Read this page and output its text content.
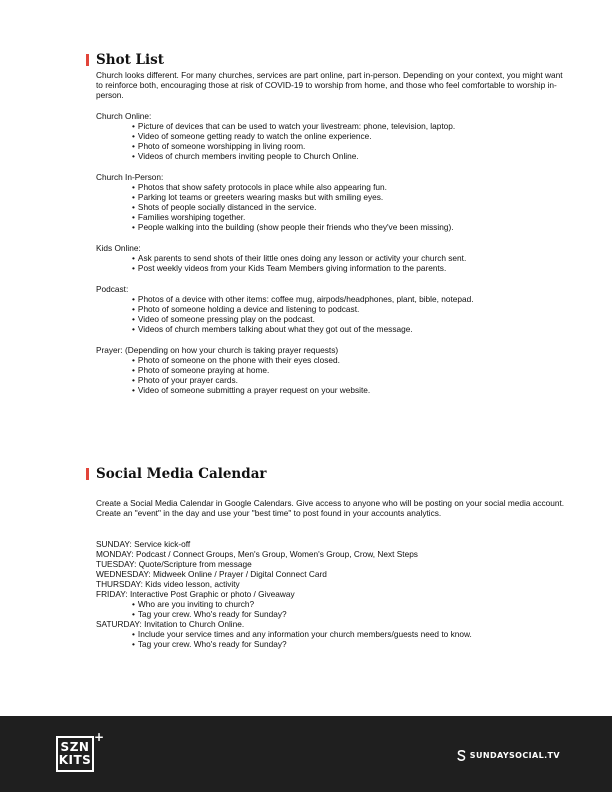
Shot List

Church looks different. For many churches, services are part online, part in-person. Depending on your context, you might want to reinforce both, encouraging those at risk of COVID-19 to worship from home, and those who feel comfortable to worship in-person.

Church Online:

• Picture of devices that can be used to watch your livestream: phone, television, laptop.
• Video of someone getting ready to watch the online experience.
• Photo of someone worshipping in living room.
• Videos of church members inviting people to Church Online.

Church In-Person:

• Photos that show safety protocols in place while also appearing fun.
• Parking lot teams or greeters wearing masks but with smiling eyes.
• Shots of people socially distanced in the service.
• Families worshiping together.
• People walking into the building (show people their friends who they've been missing).

Kids Online:

• Ask parents to send shots of their little ones doing any lesson or activity your church sent.
• Post weekly videos from your Kids Team Members giving information to the parents.

Podcast:

• Photos of a device with other items: coffee mug, airpods/headphones, plant, bible, notepad.
• Photo of someone holding a device and listening to podcast.
• Video of someone pressing play on the podcast.
• Videos of church members talking about what they got out of the message.

Prayer: (Depending on how your church is taking prayer requests)

• Photo of someone on the phone with their eyes closed.
• Photo of someone praying at home.
• Photo of your prayer cards.
• Video of someone submitting a prayer request on your website.
Social Media Calendar

Create a Social Media Calendar in Google Calendars. Give access to anyone who will be posting on your social media account. Create an "event" in the day and use your "best time" to post found in your accounts analytics.

SUNDAY: Service kick-off
MONDAY: Podcast / Connect Groups, Men's Group, Women's Group, Crow, Next Steps
TUESDAY: Quote/Scripture from message
WEDNESDAY: Midweek Online / Prayer / Digital Connect Card
THURSDAY: Kids video lesson, activity
FRIDAY: Interactive Post Graphic or photo / Giveaway
• Who are you inviting to church?
• Tag your crew. Who's ready for Sunday?
SATURDAY: Invitation to Church Online.
• Include your service times and any information your church members/guests need to know.
• Tag your crew. Who's ready for Sunday?
SZN
KITS
+
SUNDAYSOCIAL.TV
